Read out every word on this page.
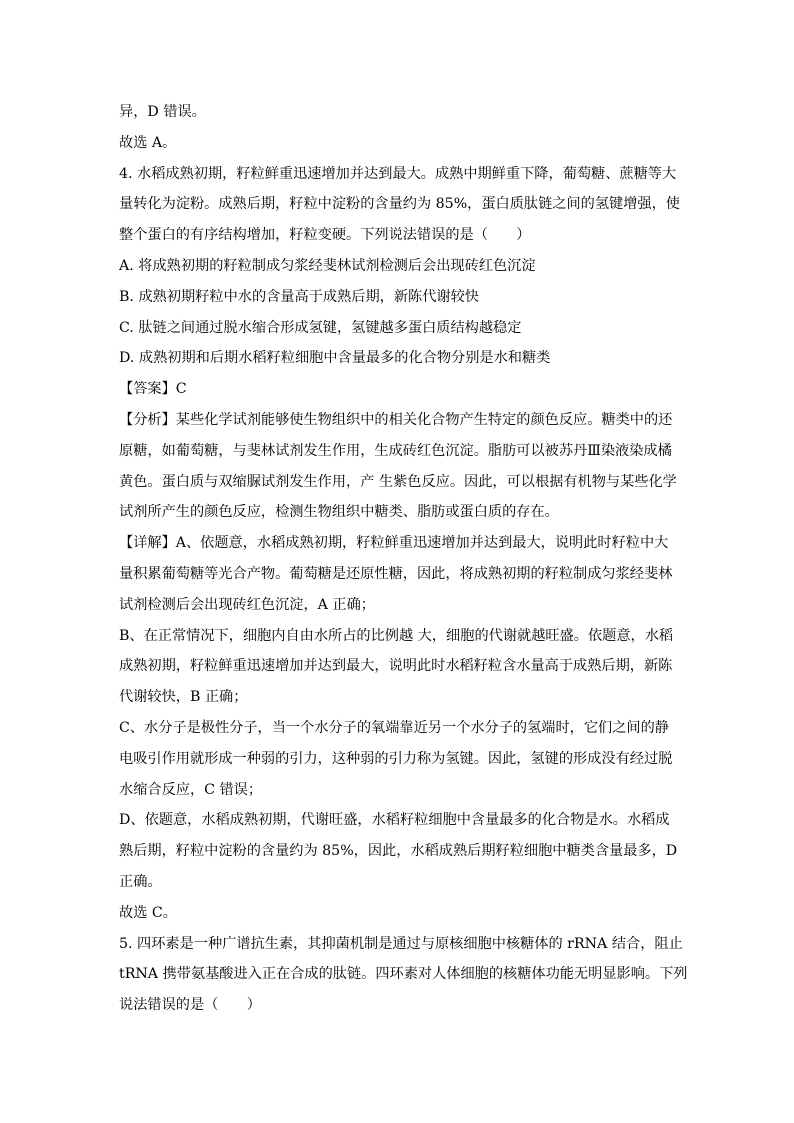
异，D 错误。

故选 A。

4. 水稻成熟初期，籽粒鲜重迅速增加并达到最大。成熟中期鲜重下降，葡萄糖、蔗糖等大

量转化为淀粉。成熟后期，籽粒中淀粉的含量约为 85%，蛋白质肽链之间的氢键增强，使

整个蛋白的有序结构增加，籽粒变硬。下列说法错误的是（　　）

A. 将成熟初期的籽粒制成匀浆经斐林试剂检测后会出现砖红色沉淀

B. 成熟初期籽粒中水的含量高于成熟后期，新陈代谢较快

C. 肽链之间通过脱水缩合形成氢键，氢键越多蛋白质结构越稳定

D. 成熟初期和后期水稻籽粒细胞中含量最多的化合物分别是水和糖类

【答案】C

【分析】某些化学试剂能够使生物组织中的相关化合物产生特定的颜色反应。糖类中的还

原糖，如葡萄糖，与斐林试剂发生作用，生成砖红色沉淀。脂肪可以被苏丹Ⅲ染液染成橘

黄色。蛋白质与双缩脲试剂发生作用，产 生紫色反应。因此，可以根据有机物与某些化学

试剂所产生的颜色反应，检测生物组织中糖类、脂肪或蛋白质的存在。

【详解】A、依题意，水稻成熟初期，籽粒鲜重迅速增加并达到最大，说明此时籽粒中大

量积累葡萄糖等光合产物。葡萄糖是还原性糖，因此，将成熟初期的籽粒制成匀浆经斐林

试剂检测后会出现砖红色沉淀，A 正确；

B、在正常情况下，细胞内自由水所占的比例越 大，细胞的代谢就越旺盛。依题意，水稻

成熟初期，籽粒鲜重迅速增加并达到最大，说明此时水稻籽粒含水量高于成熟后期，新陈

代谢较快，B 正确；

C、水分子是极性分子，当一个水分子的氧端靠近另一个水分子的氢端时，它们之间的静

电吸引作用就形成一种弱的引力，这种弱的引力称为氢键。因此，氢键的形成没有经过脱

水缩合反应，C 错误；

D、依题意，水稻成熟初期，代谢旺盛，水稻籽粒细胞中含量最多的化合物是水。水稻成

熟后期，籽粒中淀粉的含量约为 85%，因此，水稻成熟后期籽粒细胞中糖类含量最多，D

正确。

故选 C。

5. 四环素是一种广谱抗生素，其抑菌机制是通过与原核细胞中核糖体的 rRNA 结合，阻止

tRNA 携带氨基酸进入正在合成的肽链。四环素对人体细胞的核糖体功能无明显影响。下列

说法错误的是（　　）
